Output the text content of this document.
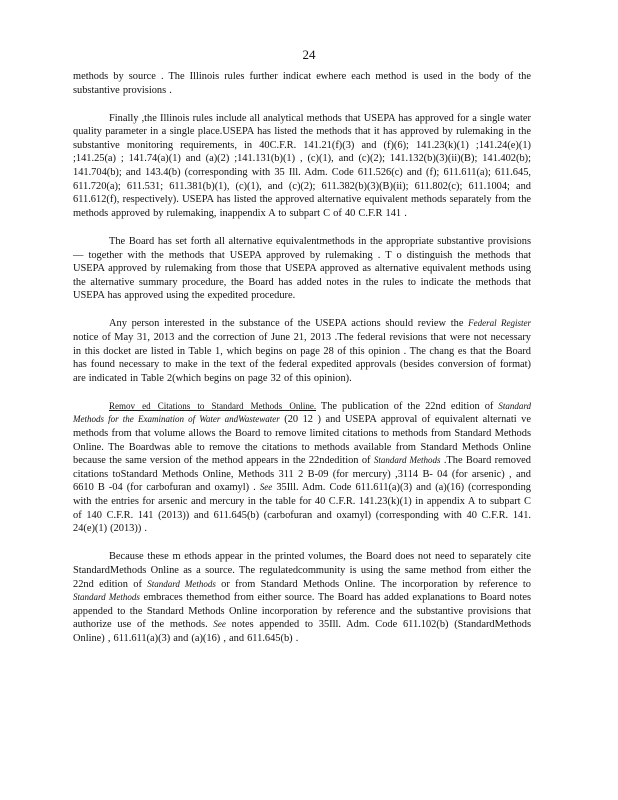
24

methods by source . The Illinois rules further indicat ewhere each method is used in the body of the substantive provisions .

Finally ,the Illinois rules include all analytical methods that USEPA has approved for a single water quality parameter in a single place.USEPA has listed the methods that it has approved by rulemaking in the substantive monitoring requirements, in 40C.F.R. 141.21(f)(3) and (f)(6); 141.23(k)(1) ;141.24(e)(1) ;141.25(a) ; 141.74(a)(1) and (a)(2) ;141.131(b)(1) , (c)(1), and (c)(2); 141.132(b)(3)(ii)(B); 141.402(b); 141.704(b); and 143.4(b) (corresponding with 35 Ill. Adm. Code 611.526(c) and (f); 611.611(a); 611.645, 611.720(a); 611.531; 611.381(b)(1), (c)(1), and (c)(2); 611.382(b)(3)(B)(ii); 611.802(c); 611.1004; and 611.612(f), respectively). USEPA has listed the approved alternative equivalent methods separately from the methods approved by rulemaking, inappendix A to subpart C of 40 C.F.R 141 .

The Board has set forth all alternative equivalentmethods in the appropriate substantive provisions — together with the methods that USEPA approved by rulemaking . T o distinguish the methods that USEPA approved by rulemaking from those that USEPA approved as alternative equivalent methods using the alternative summary procedure, the Board has added notes in the rules to indicate the methods that USEPA has approved using the expedited procedure.

Any person interested in the substance of the USEPA actions should review the Federal Register notice of May 31, 2013 and the correction of June 21, 2013 .The federal revisions that were not necessary in this docket are listed in Table 1, which begins on page 28 of this opinion . The chang es that the Board has found necessary to make in the text of the federal expedited approvals (besides conversion of format) are indicated in Table 2(which begins on page 32 of this opinion).

Remov ed Citations to Standard Methods Online. The publication of the 22nd edition of Standard Methods for the Examination of Water andWastewater (20 12 ) and USEPA approval of equivalent alternati ve methods from that volume allows the Board to remove limited citations to methods from Standard Methods Online. The Boardwas able to remove the citations to methods available from Standard Methods Online because the same version of the method appears in the 22ndedition of Standard Methods .The Board removed citations toStandard Methods Online, Methods 311 2 B-09 (for mercury) ,3114 B- 04 (for arsenic) , and 6610 B -04 (for carbofuran and oxamyl) . See 35Ill. Adm. Code 611.611(a)(3) and (a)(16) (corresponding with the entries for arsenic and mercury in the table for 40 C.F.R. 141.23(k)(1) in appendix A to subpart C of 140 C.F.R. 141 (2013)) and 611.645(b) (carbofuran and oxamyl) (corresponding with 40 C.F.R. 141. 24(e)(1) (2013)) .

Because these m ethods appear in the printed volumes, the Board does not need to separately cite StandardMethods Online as a source. The regulatedcommunity is using the same method from either the 22nd edition of Standard Methods or from Standard Methods Online. The incorporation by reference to Standard Methods embraces themethod from either source. The Board has added explanations to Board notes appended to the Standard Methods Online incorporation by reference and the substantive provisions that authorize use of the methods. See notes appended to 35Ill. Adm. Code 611.102(b) (StandardMethods Online) , 611.611(a)(3) and (a)(16) , and 611.645(b) .
